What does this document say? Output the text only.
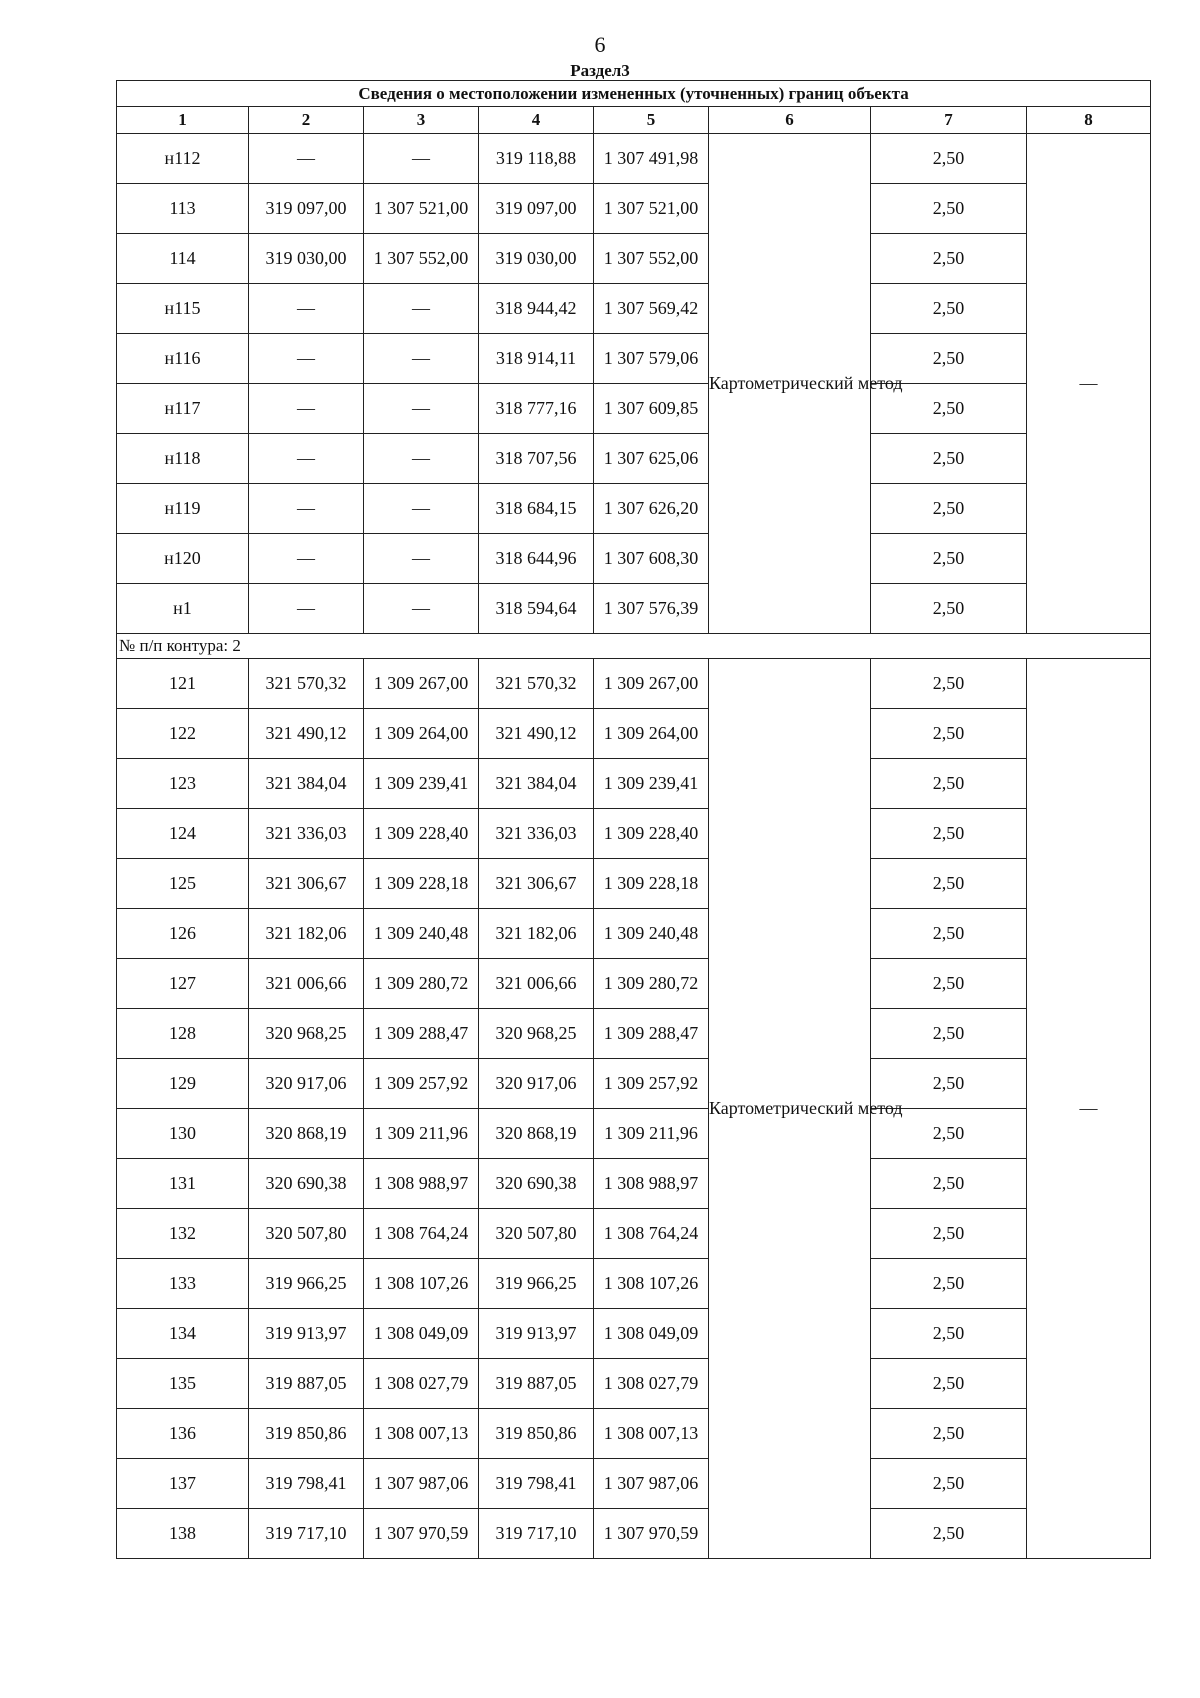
6
Раздел3
Сведения о местоположении измененных (уточненных) границ объекта							
1	2	3	4	5	6	7	8
н112	—	—	319 118,88	1 307 491,98	Картометрический метод	2,50	—
113	319 097,00	1 307 521,00	319 097,00	1 307 521,00		2,50	
114	319 030,00	1 307 552,00	319 030,00	1 307 552,00		2,50	
н115	—	—	318 944,42	1 307 569,42		2,50	
н116	—	—	318 914,11	1 307 579,06		2,50	
н117	—	—	318 777,16	1 307 609,85		2,50	
н118	—	—	318 707,56	1 307 625,06		2,50	
н119	—	—	318 684,15	1 307 626,20		2,50	
н120	—	—	318 644,96	1 307 608,30		2,50	
н1	—	—	318 594,64	1 307 576,39		2,50	
№ п/п контура: 2							
121	321 570,32	1 309 267,00	321 570,32	1 309 267,00	Картометрический метод	2,50	—
122	321 490,12	1 309 264,00	321 490,12	1 309 264,00		2,50	
123	321 384,04	1 309 239,41	321 384,04	1 309 239,41		2,50	
124	321 336,03	1 309 228,40	321 336,03	1 309 228,40		2,50	
125	321 306,67	1 309 228,18	321 306,67	1 309 228,18		2,50	
126	321 182,06	1 309 240,48	321 182,06	1 309 240,48		2,50	
127	321 006,66	1 309 280,72	321 006,66	1 309 280,72		2,50	
128	320 968,25	1 309 288,47	320 968,25	1 309 288,47		2,50	
129	320 917,06	1 309 257,92	320 917,06	1 309 257,92		2,50	
130	320 868,19	1 309 211,96	320 868,19	1 309 211,96		2,50	
131	320 690,38	1 308 988,97	320 690,38	1 308 988,97		2,50	
132	320 507,80	1 308 764,24	320 507,80	1 308 764,24		2,50	
133	319 966,25	1 308 107,26	319 966,25	1 308 107,26		2,50	
134	319 913,97	1 308 049,09	319 913,97	1 308 049,09		2,50	
135	319 887,05	1 308 027,79	319 887,05	1 308 027,79		2,50	
136	319 850,86	1 308 007,13	319 850,86	1 308 007,13		2,50	
137	319 798,41	1 307 987,06	319 798,41	1 307 987,06		2,50	
138	319 717,10	1 307 970,59	319 717,10	1 307 970,59		2,50	
